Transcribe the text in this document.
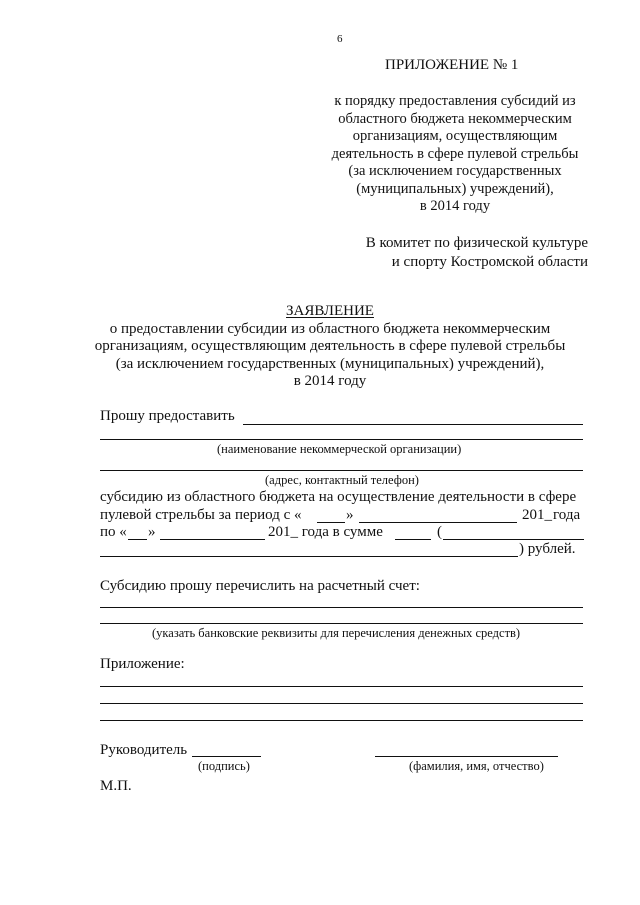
6
ПРИЛОЖЕНИЕ № 1
к порядку предоставления субсидий из
областного бюджета некоммерческим
организациям, осуществляющим
деятельность в сфере пулевой стрельбы
(за исключением государственных
(муниципальных) учреждений),
в 2014 году
В комитет по физической культуре
и спорту Костромской области
ЗАЯВЛЕНИЕ
о предоставлении субсидии из областного бюджета некоммерческим
организациям, осуществляющим деятельность в сфере пулевой стрельбы
(за исключением государственных (муниципальных) учреждений),
в 2014 году
Прошу предоставить
(наименование некоммерческой организации)
(адрес, контактный телефон)
субсидию из областного бюджета на осуществление деятельности в сфере
пулевой стрельбы за период с «	»	201_ года
по « »	201_ года в сумме	(
) рублей.
Субсидию прошу перечислить на расчетный счет:
(указать банковские реквизиты для перечисления денежных средств)
Приложение:
Руководитель
(подпись)	(фамилия, имя, отчество)
М.П.
